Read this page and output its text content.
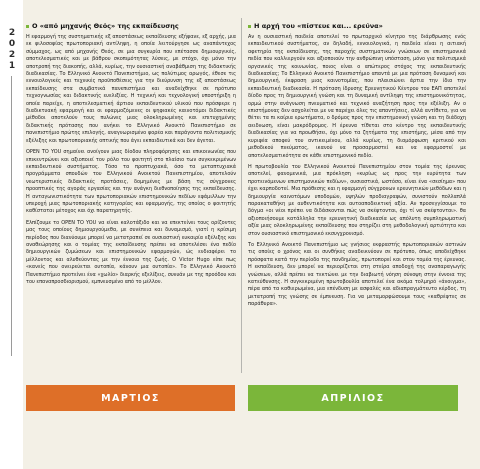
2
0
2
1
Ο «από μηχανής Θεός» της εκπαίδευσης

Η εφαρμογή της συστηματικής εξ αποστάσεως εκπαίδευσης εξήφανε, εξ αρχής, μια εκ φιλοσοφίας πρωτοποριακή αντίληψη, η οποία λειτούργησε ως αναπάντεχος σύμμαχος, ως από μηχανής Θεός, σε μια συγκυρία που επέτασσε δημιουργικές, αποτελεσματικές και με βάθρου σκοπιμότητας λύσεις, με στόχο, όχι μόνο την αποτροπή της διακοπής, αλλά, κυρίως, την ουσιαστική αναβάθμιση της διδακτικής διαδικασίας. Το Ελληνικό Ανοικτό Πανεπιστήμιο, ως πολύτιμος αρωγός, έθεσε τις εννοιολογικές και τεχνικές προϋποθέσεις για την διεύρυνση της εξ αποστάσεως εκπαίδευσης στα συμβατικά πανεπιστήμια και αναδείχθηκε σε πρότυπο τεχνογνωσίας και διδακτικής ευελιξίας. Η τεχνική και τεχνολογική υποστήριξη η οποία παρείχε, η αποτελεσματική άρτιου εκπαιδευτικού υλικού που πρόσφερε η διαδικτυακή εφαρμογή και οι εφαρμοζόμενες οι ψηφιακές καινοτόμοι διδακτικές μέθοδοι αποτελούν τους πυλώνες μιας ολοκληρωμένης και επιτυχημένης διδακτικής πρότασης που ανήκει το Ελληνικό Ανοικτό Πανεπιστήμιο σε πανεπιστήμιο πρώτης επιλογής, αναγνωρισμένο φορέα και παράγοντα πολιτισμικής εξέλιξης και πρωτοποριακής οπτικής που άγει εκπαιδευτικά και δεν άγεται.

OPEN TO YOU σημαίνει ανοίγουν μιας δίοδου πληροφόρησης και επικοινωνίας που επικεντρώνει και αξιοποιεί τον ρόλο του φοιτητή στο πλαίσιο των συγκεκριμένων εκπαιδευτικού συστήματος. Τόσο τα προπτυχιακά, όσο τα μεταπτυχιακά προγράμματα σπουδών του Ελληνικού Ανοικτού Πανεπιστημίου, αποτελούν νεωτεριστικές διδακτικές προτάσεις, δομημένες με βάση τις σύγχρονες προοπτικές της αγοράς εργασίας και την ανάγκη διεθνοποίησης της εκπαίδευσης. Η ανταγωνιστικότητα των πρωτοποριακών επιστημονικών πεδίων εφάμιλλων την υπεροχή μιας πρωτοποριακής κατηγορίας και εφαρμογής, της οποίας ο φοιτητής καθίσταται μέτοχος και όχι παρατηρητής.

Ελπίζουμε το OPEN TO YOU να είναι καλοτάξιδο και να επεκτείνει τους ορίζοντες μας τους οποίους δημιουργούμεθα, με συνέπεια και δυναμισμό, γιατί η κρίσιμη περίοδος που διανύουμε μπορεί να μετατραπεί σε ουσιαστική ευκαιρία εξέλιξης και αναθεώρησης και ο τομέας της εκπαίδευσης πρέπει να αποτελέσει ένα πεδίο δημιουργικών ζυμώσεων και επιστημονικών εφαρμογών, ώς ενδιαφέρει το μέλλοντος και αλυθεύοντας με την έννοια της ζωής. Ο Victor Hugo είπε πως «κανείς που ονειρεύεται ουτοπία, κάνουν μια ουτοπία». Το Ελληνικό Ανοικτό Πανεπιστήμιο προτείνει ένα «χωλίο» διαρκής εξελίξεις, συνυάν με της προόδου και του επαναπροσδιορισμού, εμπνευσμένο από το μέλλον.

Η αρχή του «πίστευε και... ερεύνα»

Αν η ουσιαστική παιδεία αποτελεί το πρωταρχικό κίνητρο της διάρθρωσης ενός εκπαιδευτικού συστήματος, αν δηλαδή, εννοιολογικά, η παιδεία είναι η αιτιακή αφετηρία της εκπαίδευσης, της παροχής συστηματικών γνώσεων σε επιστημονικά πεδία που καλλιεργούν και αξιοποιούν την ανθρώπινη υπόσταση, μόνο για πολιτισμικά οργανικές της κοινωνίας, ποιος είναι ο απώτερος στόχος της εκπαιδευτικής διαδικασίας; Το Ελληνικό Ανοικτό Πανεπιστήμιο απαντά με μια πρόταση δυναμική και δημιουργική, έκφραση μιας καινοτομίας, που πλαισιώνει άρτια την ίδια την εκπαιδευτική διαδικασία. Η πρόταση ίδρυσης Ερευνητικού Κέντρου του ΕΑΠ αποτελεί δίοδο προς τη δημιουργική γνώση και τη δυναμική αντίληψη της επιστημονικότητας, ορμώ στην ανάγνωση πνευματικό και τεχνικό αναζήτηση προς την εξέλιξη. Αν ο επιστήμονας δεν ασχολείται με να παρέχει όλες τις απαντήσεις, αλλά αντίθετα, για να θέτει τα πι καίρια ερωτήματα, ο δρόμος προς την επιστημονική γνώση και τη διάδοχη αειδνωση, είναι μακρόδρομος. Η έρευνα τίθεται στο κέντρο της εκπαιδευτικής διαδικασίας για να προωθήσει, όχι μόνο τα ζητήματα της επιστήμης, μέσα από την κυριφέα αποφεύ του αντικειμένου, αλλά κυρίως, τη διαμόρφωση κριτικού και μεθοδικού πνεύματος, ικανού να προσαρμοστεί και να εφαρμοστεί με αποτελεσματικότητα σε κάθε επιστημονικό πεδίο.

Η πρωτοβουλία του Ελληνικού Ανοικτού Πανεπιστημίου στον τομέα της έρευνας αποτελεί, φανομενικά, μια πρόκληση «κυρίως ως προς την ευρύτητα των προτεινόμενων επιστημονικών πεδίων», ουσιαστικά, ωστόσο, είναι ένα «σεσίημα» που έχει καρποδοτεί. Μια πρόθεσης και η εφαρμογή σύγχρονων ερευνητικών μεθόδων και η δημιουργία καινοτόμων υποδομών, υψηλών προδιαγραφών, συνιστούν πολλαπλά παρακαταθήκη με αυθεντικότητα και αυτοαποδεικτική αξία. Αν προσεγγίσουμε το δόγμα «οι νέοι πρέπει να διδάσκονται πώς να σκέφτονται, όχι τί να σκέφτονται». θα αξιοποιήσουμε κατάλληλα την ερευνητική διαδικασία ως απόλυτη συμπληρωματική αξία μιας ολοκληρωμένης εκπαίδευσης που στηρίζει στη μεθοδολογική αρτιότητα και στον ουσιαστικό επιστημονικό εκσυγχρονισμό.

Το Ελληνικό Ανοικτό Πανεπιστήμιο ως γνήσιος εκφραστής πρωτοποριακών αστινών τις οποίες ο χρόνος και οι συνθήκες αναδεικνύουν σε πρότυπο, όπως αποδείχθηκε πρόσφατα κατά την περίοδο της πανδημίας, πρωτοπορεί και στον τομέα της έρευνας. Η εκπαίδευση, δεν μπορεί να περιορίζεται στη στείρα αποδοχή της αναπαραγωγής γνώσεων, αλλά πρέπει να τεκτώνει με την διαβιωτή νόηση σύνοψη στην έννοια της κατεύθυνσης. Η συγκεκριμένη πρωτοβουλία αποτελεί ένα ακόμα τολμηρό «άνοιγμα», πέρα από τα καθιερωμένα, μια επένδυση με ασφαλές και αδιαπραγμάτευτο κέρδος, τη μετατροπή της γνώσης σε έμπνευση. Για να μεταμορφώσουμε τους «καθρέφτες σε παράθυρα».

ΜΑΡΤΙΟΣ	ΑΠΡΙΛΙΟΣ
